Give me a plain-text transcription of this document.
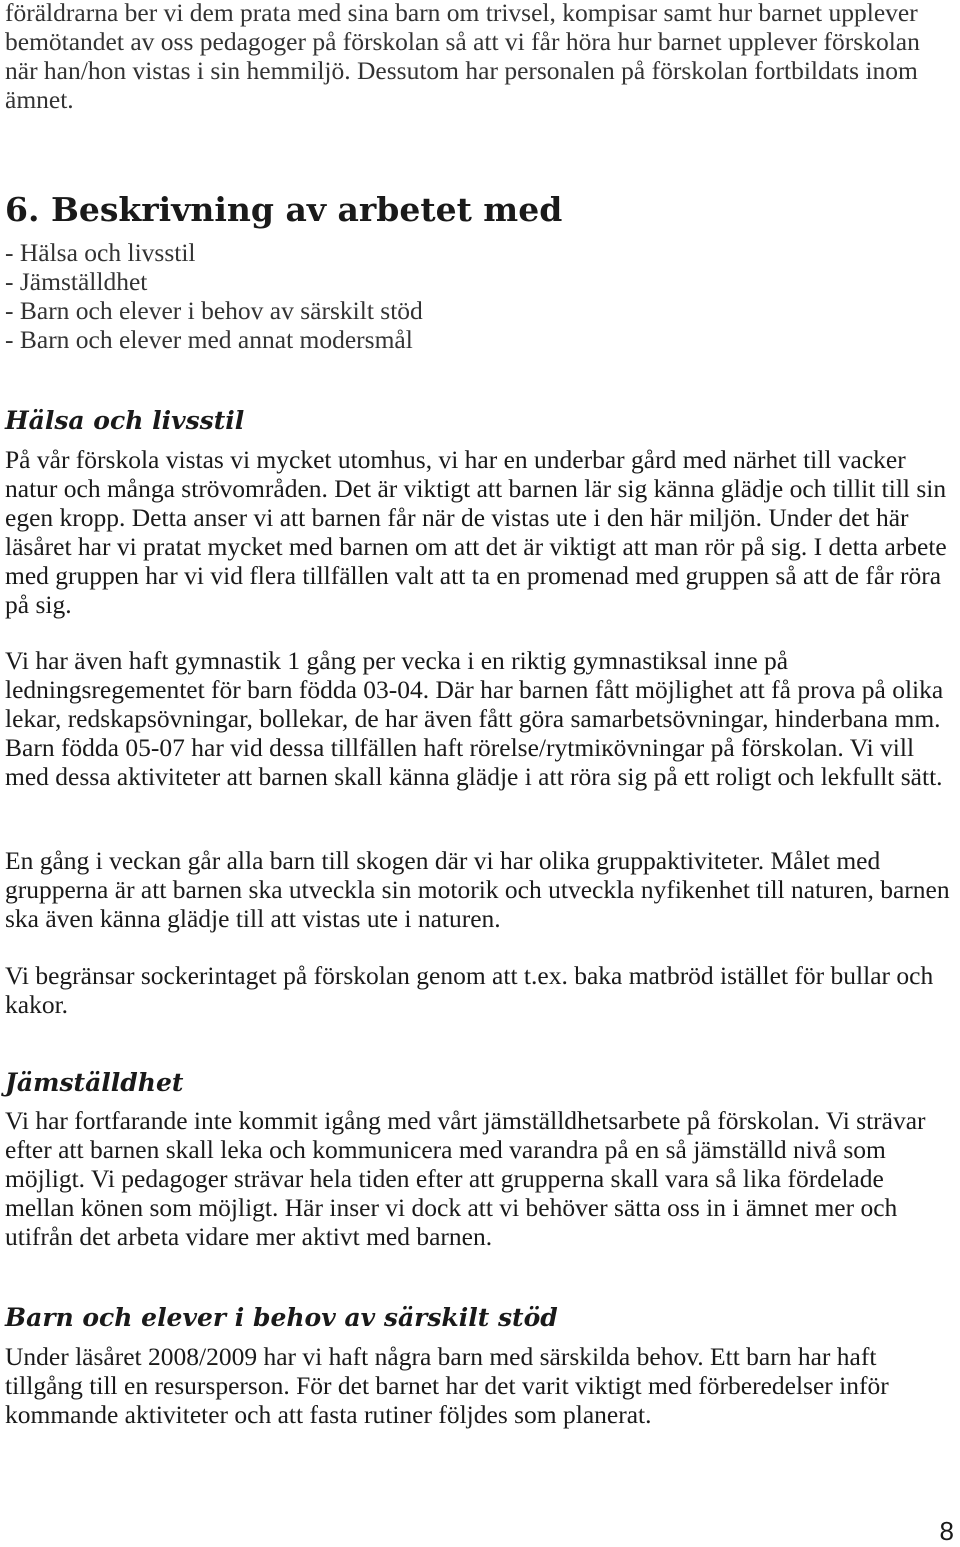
föräldrarna ber vi dem prata med sina barn om trivsel, kompisar samt hur barnet upplever bemötandet av oss pedagoger på förskolan så att vi får höra hur barnet upplever förskolan när han/hon vistas i sin hemmiljö. Dessutom har personalen på förskolan fortbildats inom ämnet.

6. Beskrivning av arbetet med
- Hälsa och livsstil
- Jämställdhet
- Barn och elever i behov av särskilt stöd
- Barn och elever med annat modersmål
Hälsa och livsstil

På vår förskola vistas vi mycket utomhus, vi har en underbar gård med närhet till vacker natur och många strövområden. Det är viktigt att barnen lär sig känna glädje och tillit till sin egen kropp. Detta anser vi att barnen får när de vistas ute i den här miljön. Under det här läsåret har vi pratat mycket med barnen om att det är viktigt att man rör på sig. I detta arbete med gruppen har vi vid flera tillfällen valt att ta en promenad med gruppen så att de får röra på sig.

Vi har även haft gymnastik 1 gång per vecka i en riktig gymnastiksal inne på ledningsregementet för barn födda 03-04. Där har barnen fått möjlighet att få prova på olika lekar, redskapsövningar, bollekar, de har även fått göra samarbetsövningar, hinderbana mm. Barn födda 05-07 har vid dessa tillfällen haft rörelse/rytmiкövningar på förskolan. Vi vill med dessa aktiviteter att barnen skall känna glädje i att röra sig på ett roligt och lekfullt sätt.

En gång i veckan går alla barn till skogen där vi har olika gruppaktiviteter. Målet med grupperna är att barnen ska utveckla sin motorik och utveckla nyfikenhet till naturen, barnen ska även känna glädje till att vistas ute i naturen.

Vi begränsar sockerintaget på förskolan genom att t.ex. baka matbröd istället för bullar och kakor.

Jämställdhet

Vi har fortfarande inte kommit igång med vårt jämställdhetsarbete på förskolan. Vi strävar efter att barnen skall leka och kommunicera med varandra på en så jämställd nivå som möjligt. Vi pedagoger strävar hela tiden efter att grupperna skall vara så lika fördelade mellan könen som möjligt. Här inser vi dock att vi behöver sätta oss in i ämnet mer och utifrån det arbeta vidare mer aktivt med barnen.

Barn och elever i behov av särskilt stöd

Under läsåret 2008/2009 har vi haft några barn med särskilda behov. Ett barn har haft tillgång till en resursperson. För det barnet har det varit viktigt med förberedelser inför kommande aktiviteter och att fasta rutiner följdes som planerat.

8
